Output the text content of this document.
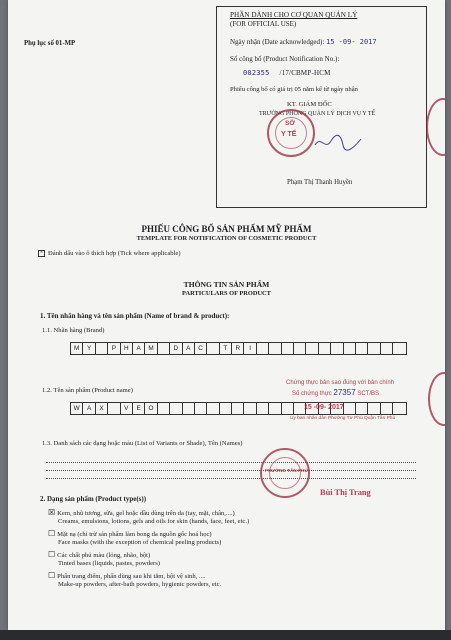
Phụ lục số 01-MP
PHẦN DÀNH CHO CƠ QUAN QUẢN LÝ
(FOR OFFICIAL USE)
Ngày nhận (Date acknowledged): 15 -09- 2017
Số công bố (Product Notification No.):
002355 /17/CBMP-HCM
Phiếu công bố có giá trị 05 năm kể từ ngày nhận
KT. GIÁM ĐỐC
TRƯỞNG PHÒNG QUẢN LÝ DỊCH VỤ Y TẾ
SỞ
Y TẾ
Phạm Thị Thanh Huyền
PHIẾU CÔNG BỐ SẢN PHẨM MỸ PHẨM
TEMPLATE FOR NOTIFICATION OF COSMETIC PRODUCT
× Đánh dấu vào ô thích hợp (Tick where applicable)
THÔNG TIN SẢN PHẨM
PARTICULARS OF PRODUCT
1. Tên nhãn hàng và tên sản phẩm (Name of brand & product):
1.1. Nhãn hàng (Brand)
M	Y	P	H	A	M	D	A	C	T	R	I
1.2. Tên sản phẩm (Product name)
W	A	X	V	E	O
Chứng thực bản sao đúng với bản chính
Số chứng thực 27357 SCT/BS
15 -09- 2017
Ủy ban nhân dân Phường Tư Phú Quận Tân Phú
1.3. Danh sách các dạng hoặc màu (List of Variants or Shade), Tên (Names)
PHƯỜNG TÂN PHÚ
Bùi Thị Trang
2. Dạng sản phẩm (Product type(s))
☒ Kem, nhũ tương, sữa, gel hoặc dầu dùng trên da (tay, mặt, chân,....)
Creams, emulsions, lotions, gels and oils for skin (hands, face, feet, etc.)
☐ Mặt nạ (chỉ trừ sản phẩm làm bong da nguồn gốc hoá học)
Face masks (with the exception of chemical peeling products)
☐ Các chất phủ màu (lỏng, nhão, bột)
Tinted bases (liquids, pastes, powders)
☐ Phấn trang điểm, phấn dùng sau khi tắm, bột vệ sinh, ....
Make-up powders, after-bath powders, hygienic powders, etc.
